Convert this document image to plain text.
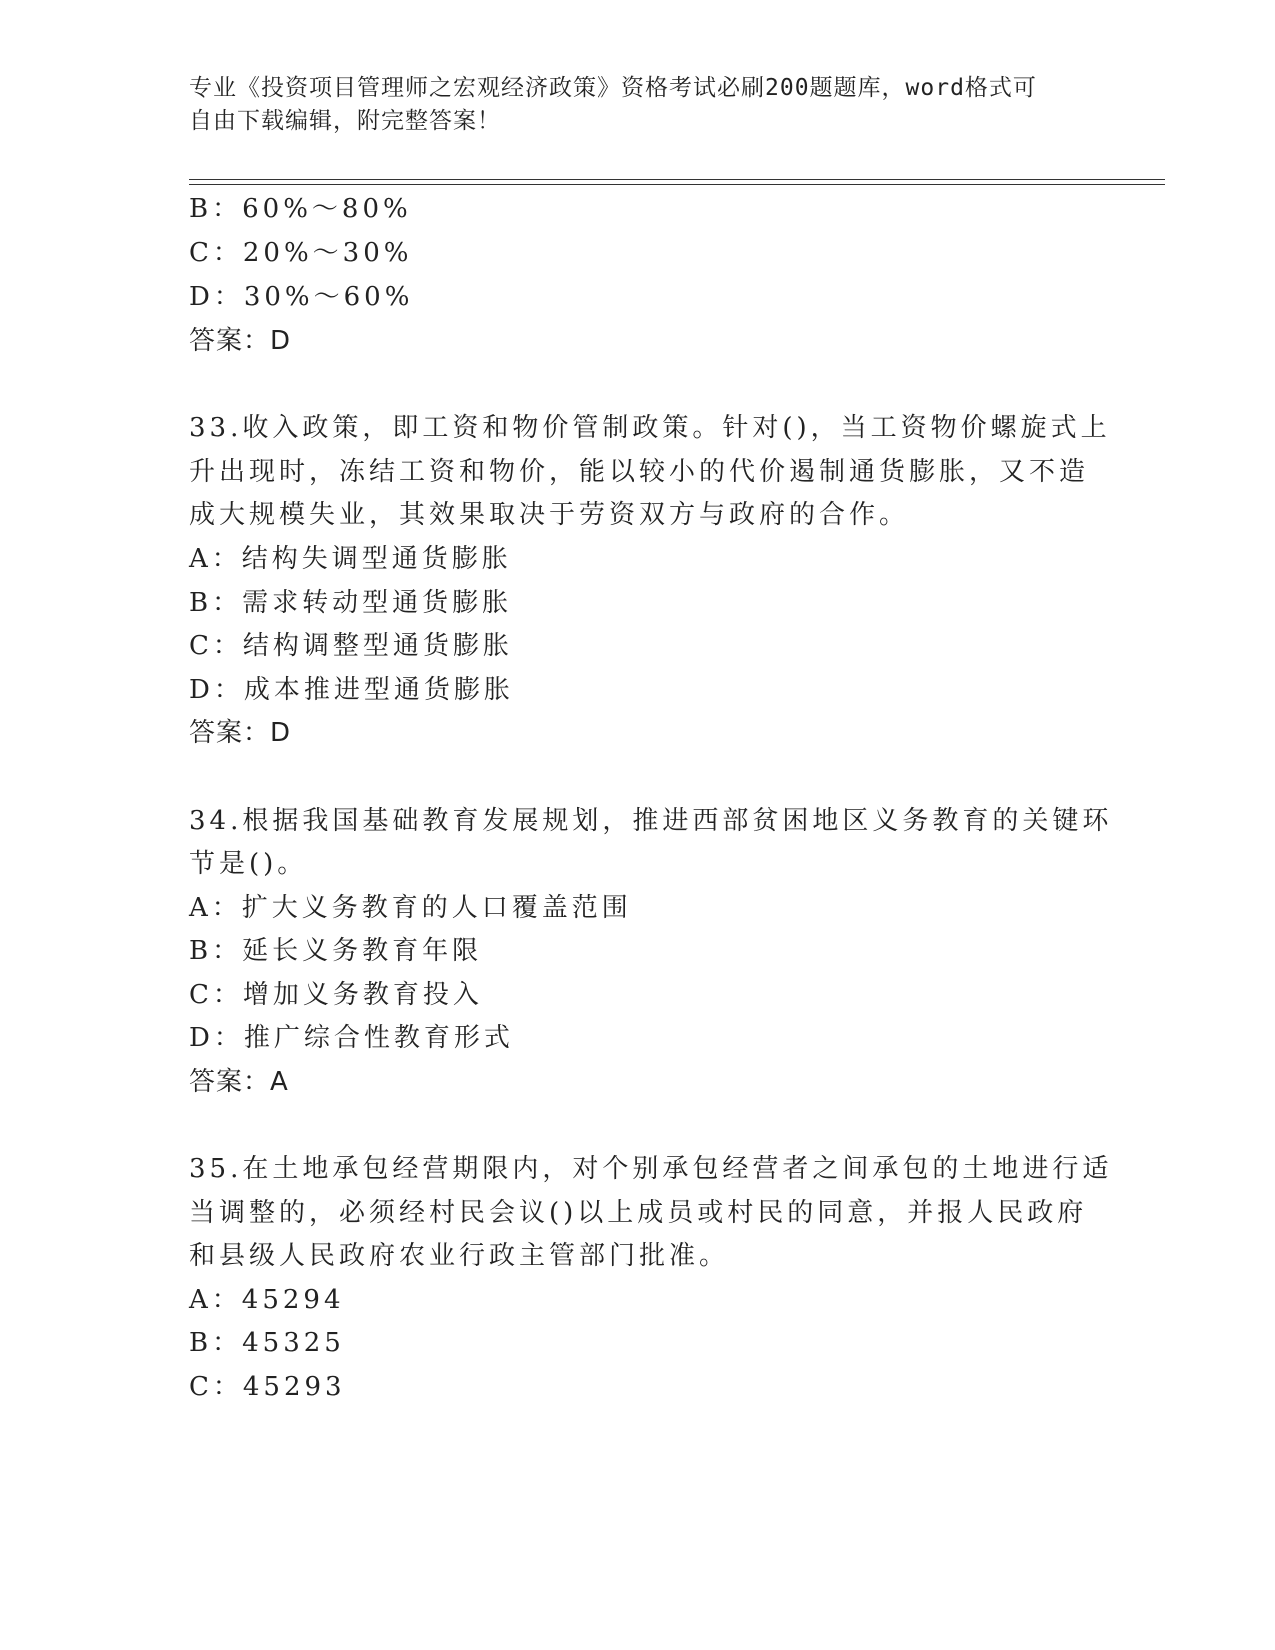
专业《投资项目管理师之宏观经济政策》资格考试必刷200题题库，word格式可
自由下载编辑，附完整答案！
B：60%～80%
C：20%～30%
D：30%～60%
答案：D
33.收入政策，即工资和物价管制政策。针对()，当工资物价螺旋式上
升出现时，冻结工资和物价，能以较小的代价遏制通货膨胀，又不造
成大规模失业，其效果取决于劳资双方与政府的合作。
A：结构失调型通货膨胀
B：需求转动型通货膨胀
C：结构调整型通货膨胀
D：成本推进型通货膨胀
答案：D
34.根据我国基础教育发展规划，推进西部贫困地区义务教育的关键环
节是()。
A：扩大义务教育的人口覆盖范围
B：延长义务教育年限
C：增加义务教育投入
D：推广综合性教育形式
答案：A
35.在土地承包经营期限内，对个别承包经营者之间承包的土地进行适
当调整的，必须经村民会议()以上成员或村民的同意，并报人民政府
和县级人民政府农业行政主管部门批准。
A：45294
B：45325
C：45293
